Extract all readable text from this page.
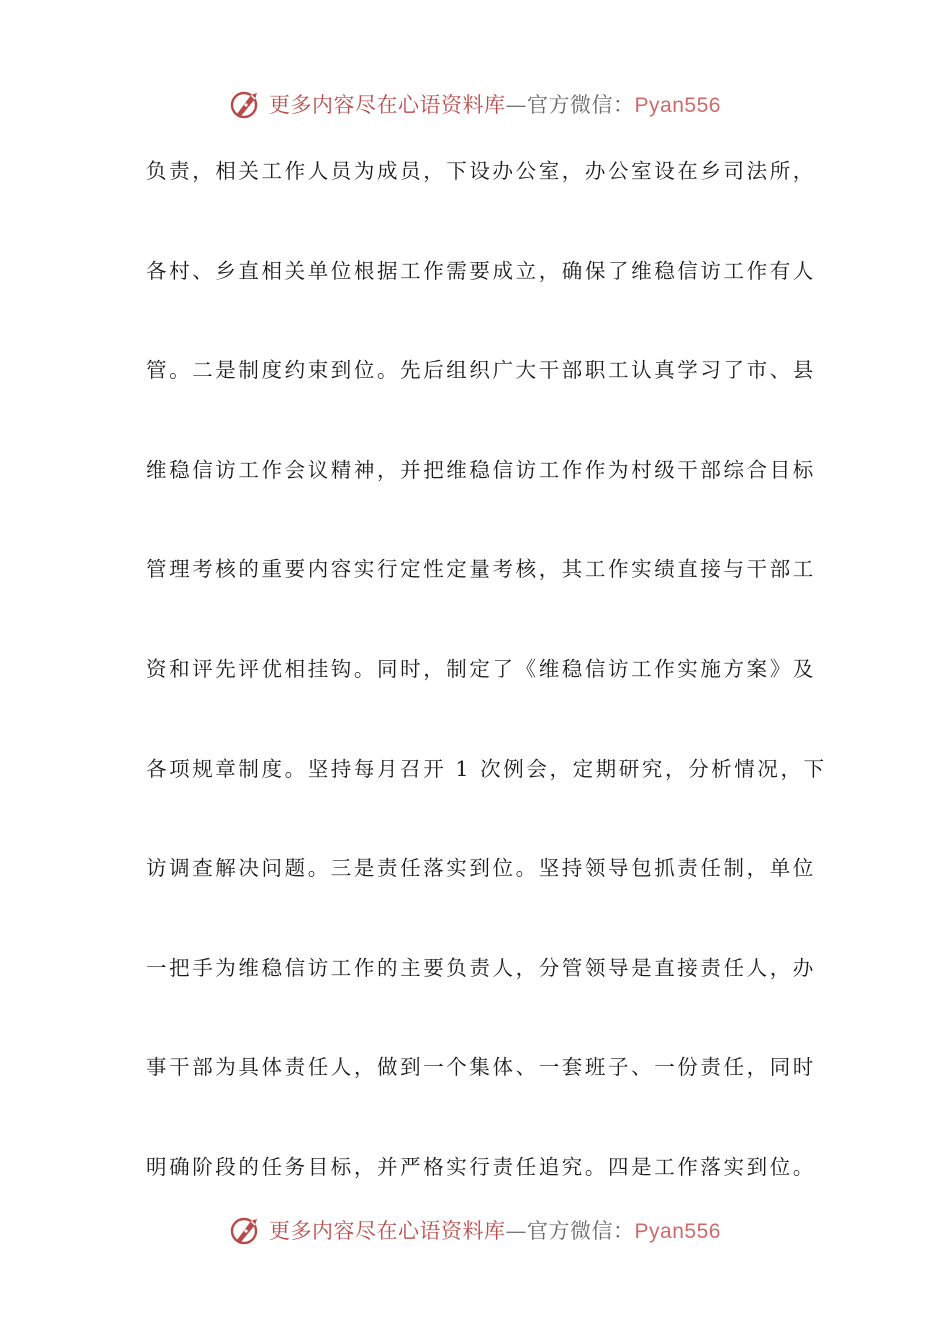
更多内容尽在心语资料库—官方微信：Pyan556
负责，相关工作人员为成员，下设办公室，办公室设在乡司法所，
各村、乡直相关单位根据工作需要成立，确保了维稳信访工作有人
管。二是制度约束到位。先后组织广大干部职工认真学习了市、县
维稳信访工作会议精神，并把维稳信访工作作为村级干部综合目标
管理考核的重要内容实行定性定量考核，其工作实绩直接与干部工
资和评先评优相挂钩。同时，制定了《维稳信访工作实施方案》及
各项规章制度。坚持每月召开 1 次例会，定期研究，分析情况，下
访调查解决问题。三是责任落实到位。坚持领导包抓责任制，单位
一把手为维稳信访工作的主要负责人，分管领导是直接责任人，办
事干部为具体责任人，做到一个集体、一套班子、一份责任，同时
明确阶段的任务目标，并严格实行责任追究。四是工作落实到位。
更多内容尽在心语资料库—官方微信：Pyan556
